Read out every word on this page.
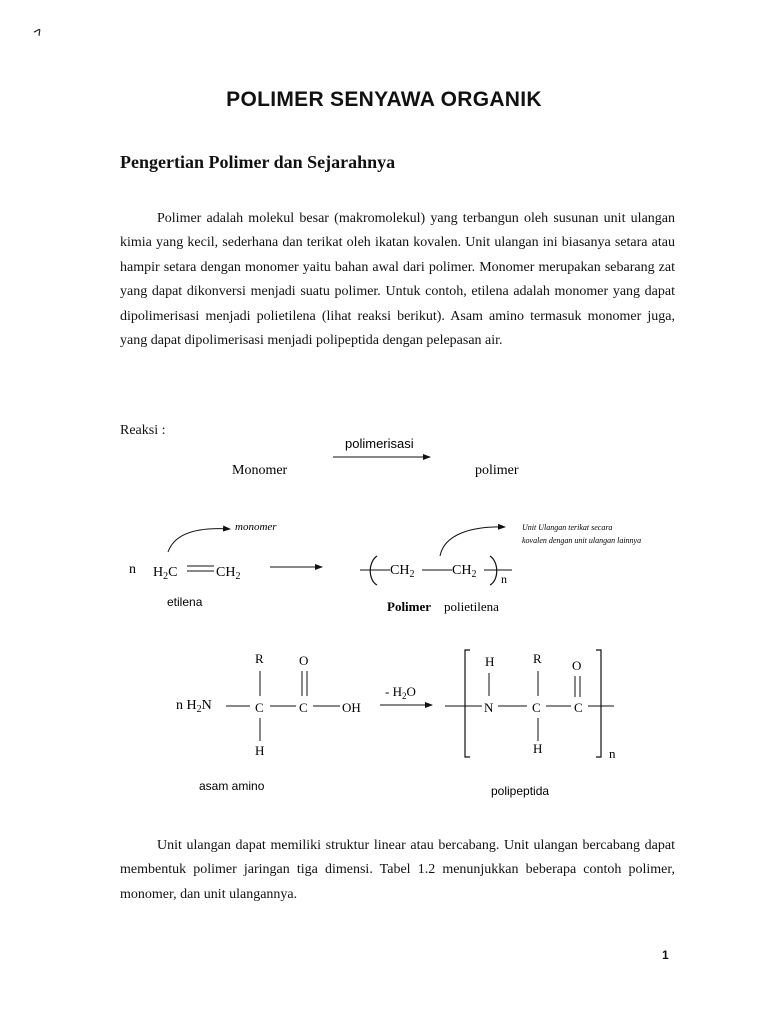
^
POLIMER SENYAWA ORGANIK
Pengertian Polimer dan Sejarahnya

Polimer adalah molekul besar (makromolekul) yang terbangun oleh susunan unit ulangan kimia yang kecil, sederhana dan terikat oleh ikatan kovalen. Unit ulangan ini biasanya setara atau hampir setara dengan monomer yaitu bahan awal dari polimer. Monomer merupakan sebarang zat yang dapat dikonversi menjadi suatu polimer. Untuk contoh, etilena adalah monomer yang dapat dipolimerisasi menjadi polietilena (lihat reaksi berikut). Asam amino termasuk monomer juga, yang dapat dipolimerisasi menjadi polipeptida dengan pelepasan air.

Reaksi :
polimerisasi
Monomer	polimer
monomer
n $H_2C$	$CH_2$
etilena
$CH_2$	$CH_2$ n
Unit Ulangan terikat secara
kovalen dengan unit ulangan lainnya
Polimer polietilena
n $H_2N$
R
C
H
O
C	OH
asam amino
- $H_2O$
H
N
R
C
H
O
C
n
polipeptida

Unit ulangan dapat memiliki struktur linear atau bercabang. Unit ulangan bercabang dapat membentuk polimer jaringan tiga dimensi. Tabel 1.2 menunjukkan beberapa contoh polimer, monomer, dan unit ulangannya.

1
